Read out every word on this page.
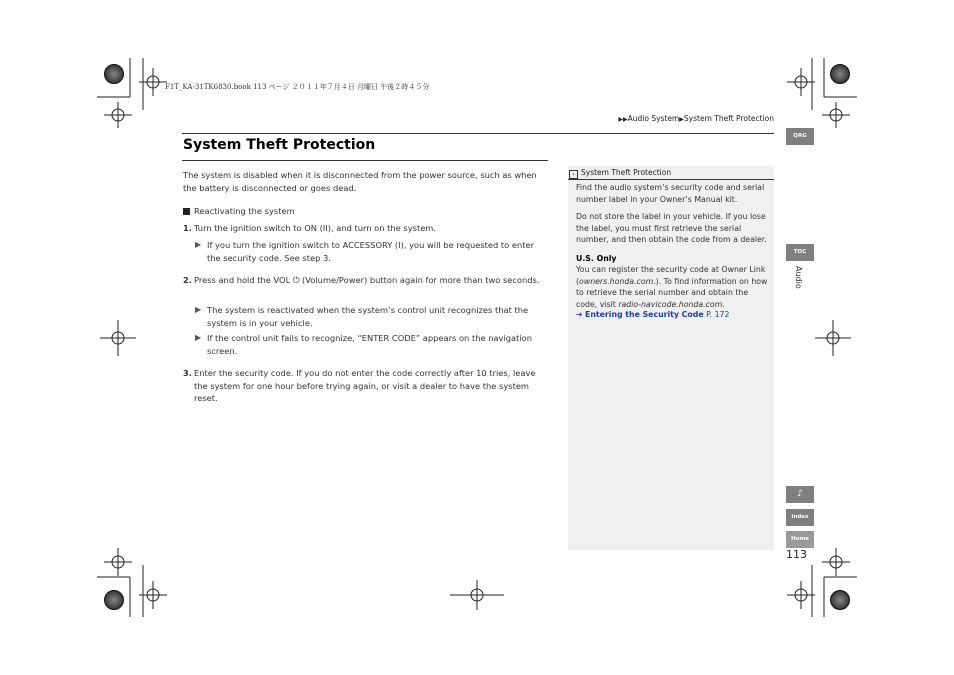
F1T_KA-31TK6830.book 113 ページ ２０１１年７月４日 月曜日 午後２時４５分
▶▶Audio System▶System Theft Protection
System Theft Protection
The system is disabled when it is disconnected from the power source, such as when the battery is disconnected or goes dead.
Reactivating the system
1. Turn the ignition switch to ON (II), and turn on the system.
▶ If you turn the ignition switch to ACCESSORY (I), you will be requested to enter the security code. See step 3.
2. Press and hold the VOL ⏻ (Volume/Power) button again for more than two seconds.
▶ The system is reactivated when the system’s control unit recognizes that the system is in your vehicle.
▶ If the control unit fails to recognize, “ENTER CODE” appears on the navigation screen.
3. Enter the security code. If you do not enter the code correctly after 10 tries, leave the system for one hour before trying again, or visit a dealer to have the system reset.
› System Theft Protection
Find the audio system’s security code and serial number label in your Owner’s Manual kit.
Do not store the label in your vehicle. If you lose the label, you must first retrieve the serial number, and then obtain the code from a dealer.
U.S. Only
You can register the security code at Owner Link (owners.honda.com.). To find information on how to retrieve the serial number and obtain the code, visit radio-navicode.honda.com.
➔ Entering the Security Code P. 172
QRG
TOC
Audio
♪
Index
Home
113
